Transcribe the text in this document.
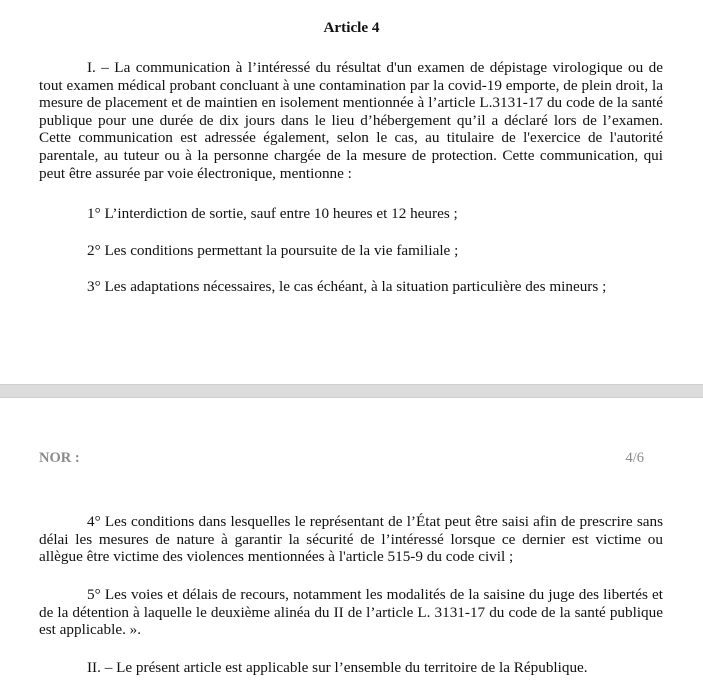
Article 4

I. – La communication à l’intéressé du résultat d'un examen de dépistage virologique ou de tout examen médical probant concluant à une contamination par la covid-19 emporte, de plein droit, la mesure de placement et de maintien en isolement mentionnée à l’article L.3131-17 du code de la santé publique pour une durée de dix jours dans le lieu d’hébergement qu’il a déclaré lors de l’examen. Cette communication est adressée également, selon le cas, au titulaire de l'exercice de l'autorité parentale, au tuteur ou à la personne chargée de la mesure de protection. Cette communication, qui peut être assurée par voie électronique, mentionne :

1° L’interdiction de sortie, sauf entre 10 heures et 12 heures ;

2° Les conditions permettant la poursuite de la vie familiale ;

3° Les adaptations nécessaires, le cas échéant, à la situation particulière des mineurs ;

NOR :	4/6

4° Les conditions dans lesquelles le représentant de l’État peut être saisi afin de prescrire sans délai les mesures de nature à garantir la sécurité de l’intéressé lorsque ce dernier est victime ou allègue être victime des violences mentionnées à l'article 515-9 du code civil ;

5° Les voies et délais de recours, notamment les modalités de la saisine du juge des libertés et de la détention à laquelle le deuxième alinéa du II de l’article L. 3131-17 du code de la santé publique est applicable. ».

II. – Le présent article est applicable sur l’ensemble du territoire de la République.
